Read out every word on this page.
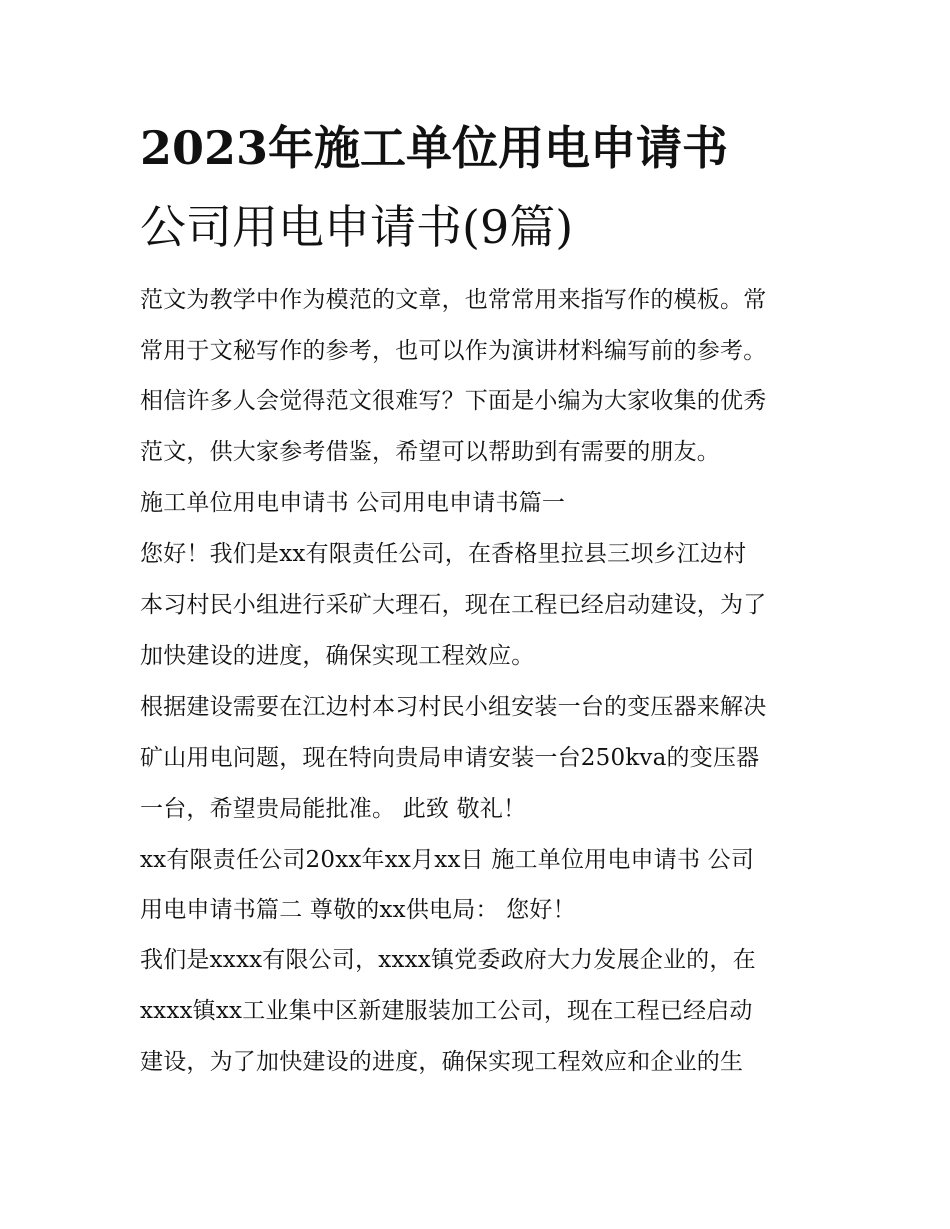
2023年施工单位用电申请书
公司用电申请书(9篇)
范文为教学中作为模范的文章，也常常用来指写作的模板。常
常用于文秘写作的参考，也可以作为演讲材料编写前的参考。
相信许多人会觉得范文很难写？下面是小编为大家收集的优秀
范文，供大家参考借鉴，希望可以帮助到有需要的朋友。
施工单位用电申请书 公司用电申请书篇一
您好！我们是xx有限责任公司，在香格里拉县三坝乡江边村
本习村民小组进行采矿大理石，现在工程已经启动建设，为了
加快建设的进度，确保实现工程效应。
根据建设需要在江边村本习村民小组安装一台的变压器来解决
矿山用电问题，现在特向贵局申请安装一台250kva的变压器
一台，希望贵局能批准。 此致 敬礼！
xx有限责任公司20xx年xx月xx日 施工单位用电申请书 公司
用电申请书篇二 尊敬的xx供电局： 您好！
我们是xxxx有限公司，xxxx镇党委政府大力发展企业的，在
xxxx镇xx工业集中区新建服装加工公司，现在工程已经启动
建设，为了加快建设的进度，确保实现工程效应和企业的生
